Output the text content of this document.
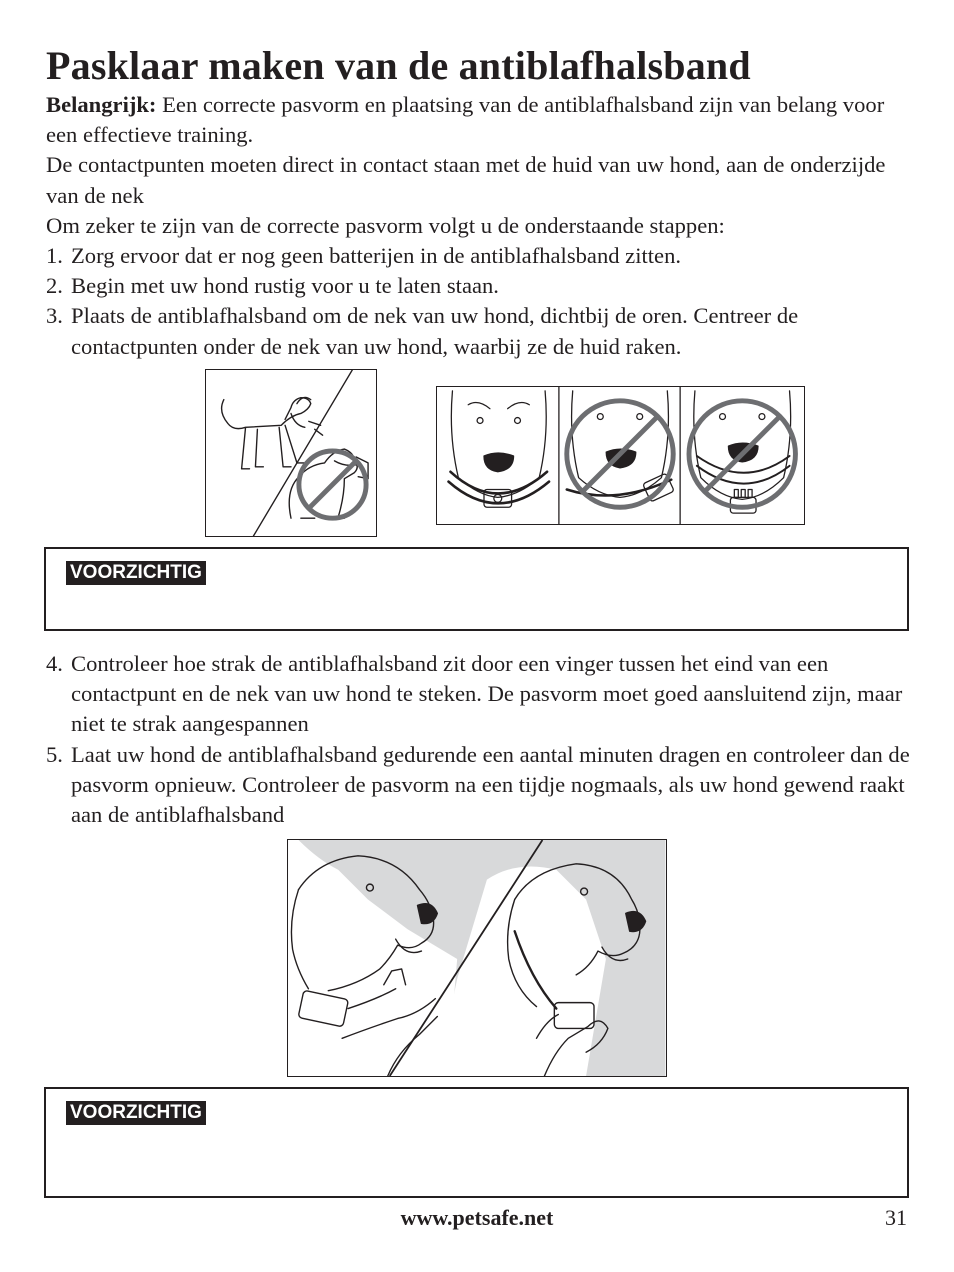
Pasklaar maken van de antiblafhalsband

Belangrijk: Een correcte pasvorm en plaatsing van de antiblafhalsband zijn van belang voor een effectieve training.

De contactpunten moeten direct in contact staan met de huid van uw hond, aan de onderzijde van de nek

Om zeker te zijn van de correcte pasvorm volgt u de onderstaande stappen:

1. Zorg ervoor dat er nog geen batterijen in de antiblafhalsband zitten.
2. Begin met uw hond rustig voor u te laten staan.
3. Plaats de antiblafhalsband om de nek van uw hond, dichtbij de oren. Centreer de contactpunten onder de nek van uw hond, waarbij ze de huid raken.
VOORZICHTIG
4. Controleer hoe strak de antiblafhalsband zit door een vinger tussen het eind van een contactpunt en de nek van uw hond te steken. De pasvorm moet goed aansluitend zijn, maar niet te strak aangespannen
5. Laat uw hond de antiblafhalsband gedurende een aantal minuten dragen en controleer dan de pasvorm opnieuw. Controleer de pasvorm na een tijdje nogmaals, als uw hond gewend raakt aan de antiblafhalsband
VOORZICHTIG
www.petsafe.net	31
